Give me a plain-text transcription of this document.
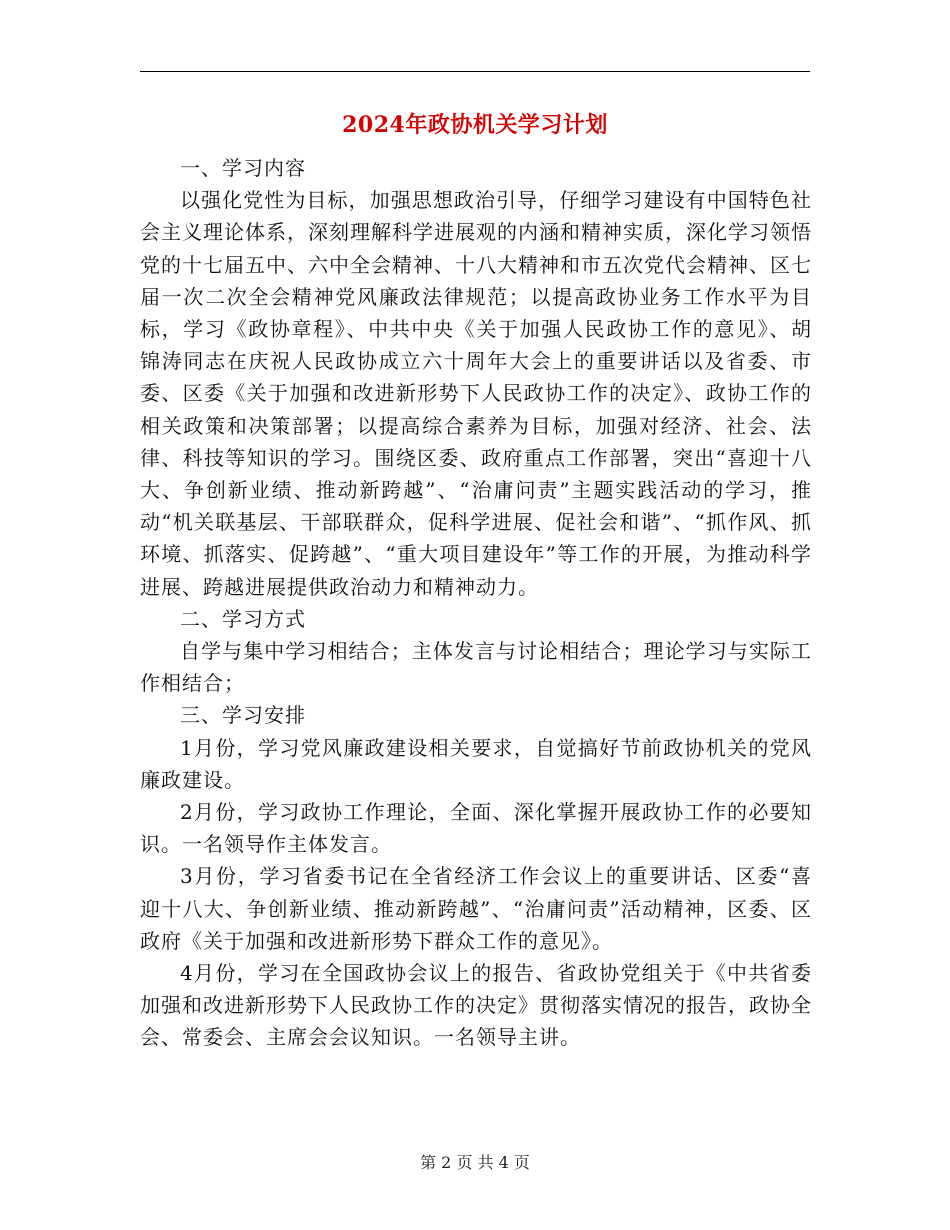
2024年政协机关学习计划

一、学习内容

以强化党性为目标，加强思想政治引导，仔细学习建设有中国特色社会主义理论体系，深刻理解科学进展观的内涵和精神实质，深化学习领悟党的十七届五中、六中全会精神、十八大精神和市五次党代会精神、区七届一次二次全会精神党风廉政法律规范；以提高政协业务工作水平为目标，学习《政协章程》、中共中央《关于加强人民政协工作的意见》、胡锦涛同志在庆祝人民政协成立六十周年大会上的重要讲话以及省委、市委、区委《关于加强和改进新形势下人民政协工作的决定》、政协工作的相关政策和决策部署；以提高综合素养为目标，加强对经济、社会、法律、科技等知识的学习。围绕区委、政府重点工作部署，突出“喜迎十八大、争创新业绩、推动新跨越”、“治庸问责”主题实践活动的学习，推动“机关联基层、干部联群众，促科学进展、促社会和谐”、“抓作风、抓环境、抓落实、促跨越”、“重大项目建设年”等工作的开展，为推动科学进展、跨越进展提供政治动力和精神动力。

二、学习方式

自学与集中学习相结合；主体发言与讨论相结合；理论学习与实际工作相结合；

三、学习安排

1月份，学习党风廉政建设相关要求，自觉搞好节前政协机关的党风廉政建设。

2月份，学习政协工作理论，全面、深化掌握开展政协工作的必要知识。一名领导作主体发言。

3月份，学习省委书记在全省经济工作会议上的重要讲话、区委“喜迎十八大、争创新业绩、推动新跨越”、“治庸问责”活动精神，区委、区政府《关于加强和改进新形势下群众工作的意见》。

4月份，学习在全国政协会议上的报告、省政协党组关于《中共省委加强和改进新形势下人民政协工作的决定》贯彻落实情况的报告，政协全会、常委会、主席会会议知识。一名领导主讲。

第 2 页 共 4 页
